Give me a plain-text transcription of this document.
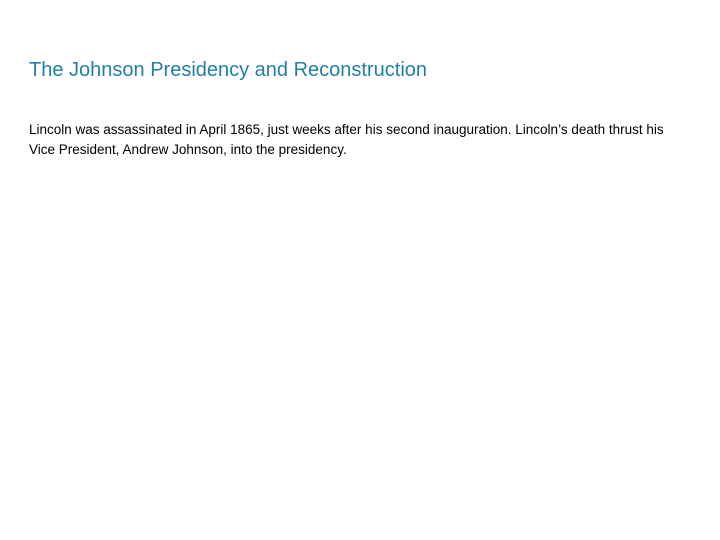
The Johnson Presidency and Reconstruction

Lincoln was assassinated in April 1865, just weeks after his second inauguration. Lincoln’s death thrust his Vice President, Andrew Johnson, into the presidency.
